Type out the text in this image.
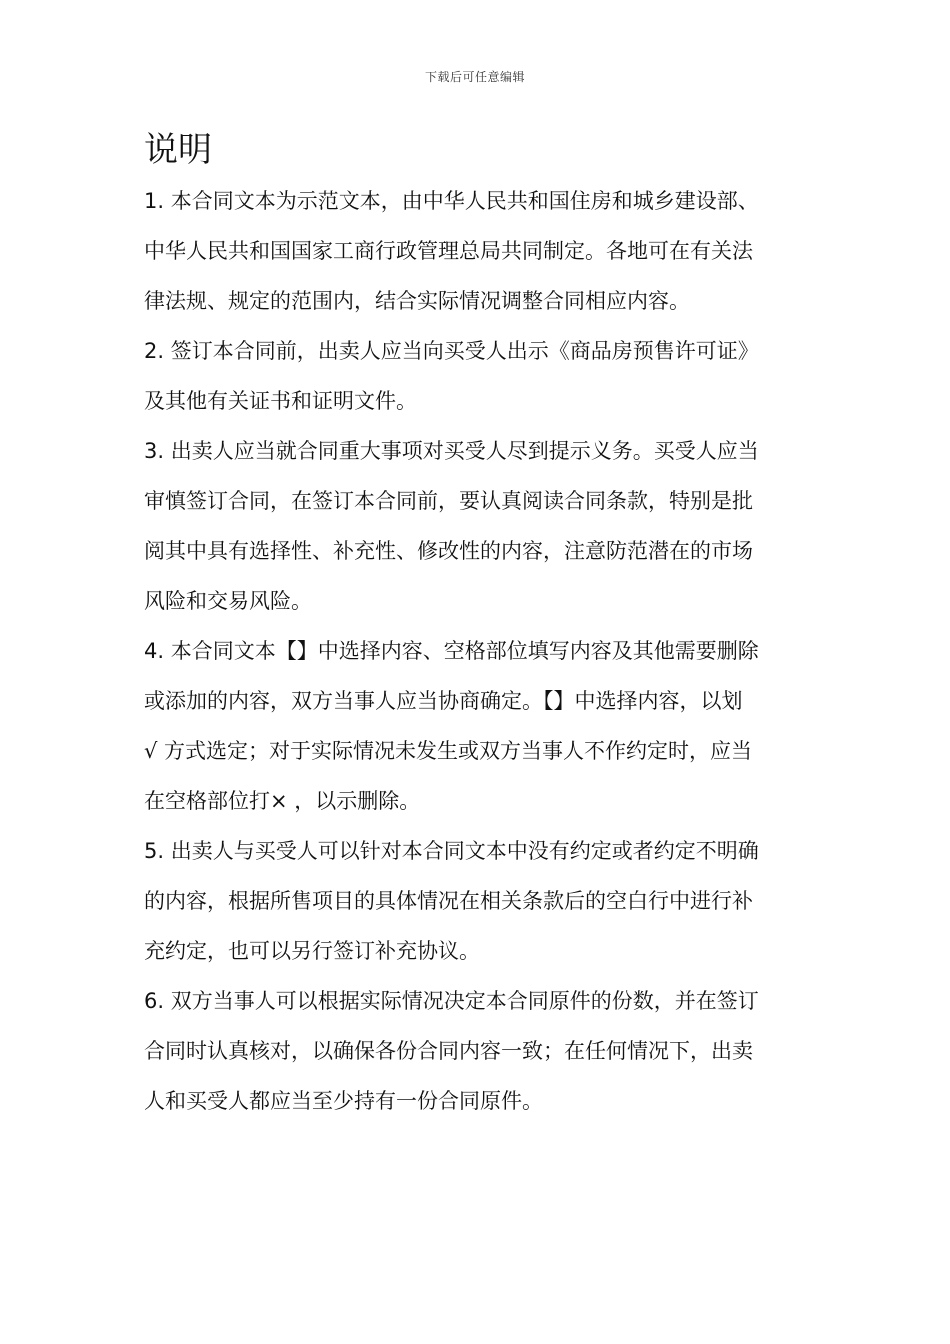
下载后可任意编辑
说明
1. 本合同文本为示范文本，由中华人民共和国住房和城乡建设部、
中华人民共和国国家工商行政管理总局共同制定。各地可在有关法
律法规、规定的范围内，结合实际情况调整合同相应内容。
2. 签订本合同前，出卖人应当向买受人出示《商品房预售许可证》
及其他有关证书和证明文件。
3. 出卖人应当就合同重大事项对买受人尽到提示义务。买受人应当
审慎签订合同，在签订本合同前，要认真阅读合同条款，特别是批
阅其中具有选择性、补充性、修改性的内容，注意防范潜在的市场
风险和交易风险。
4. 本合同文本【】中选择内容、空格部位填写内容及其他需要删除
或添加的内容，双方当事人应当协商确定。【】中选择内容，以划
√ 方式选定；对于实际情况未发生或双方当事人不作约定时，应当
在空格部位打× ，以示删除。
5. 出卖人与买受人可以针对本合同文本中没有约定或者约定不明确
的内容，根据所售项目的具体情况在相关条款后的空白行中进行补
充约定，也可以另行签订补充协议。
6. 双方当事人可以根据实际情况决定本合同原件的份数，并在签订
合同时认真核对，以确保各份合同内容一致；在任何情况下，出卖
人和买受人都应当至少持有一份合同原件。
